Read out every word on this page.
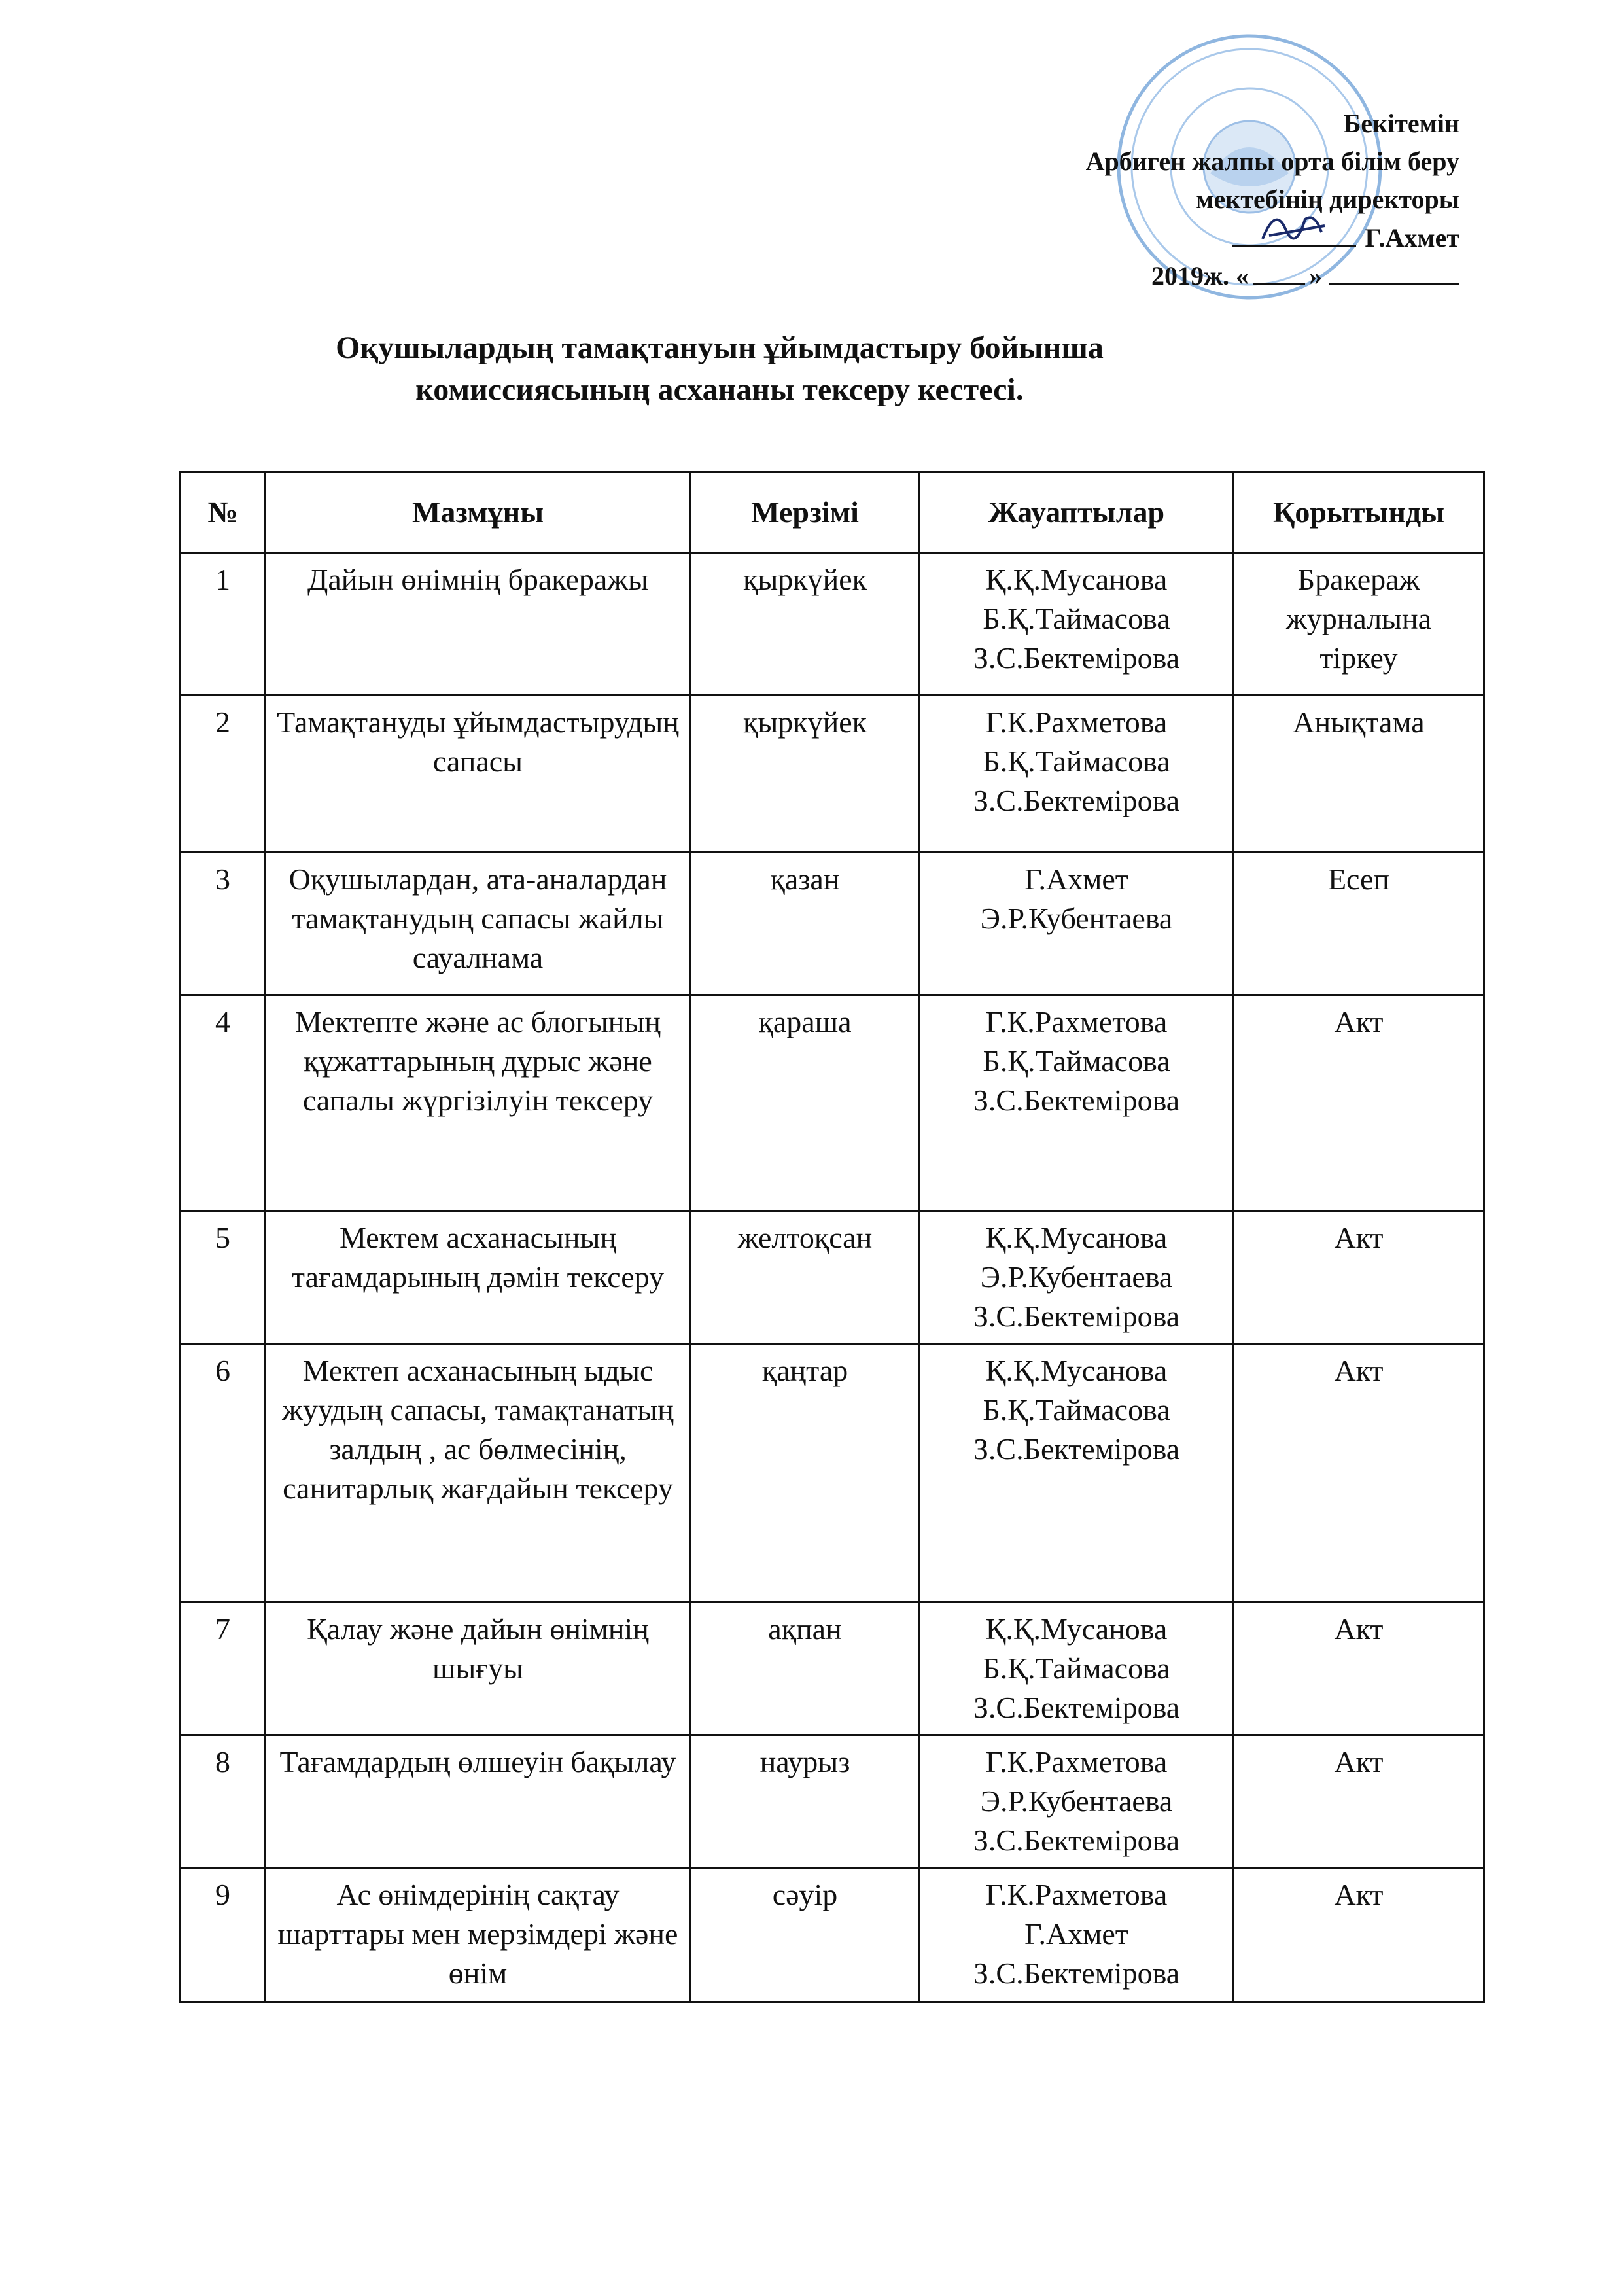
Бекітемін
Арбиген жалпы орта білім беру
мектебінің директоры
Г.Ахмет
2019ж. « »
Оқушылардың тамақтануын ұйымдастыру бойынша
комиссиясының асхананы тексеру кестесі.
№	Мазмұны	Мерзімі	Жауаптылар	Қорытынды
1	Дайын өнімнің бракеражы	қыркүйек	Қ.Қ.Мусанова
Б.Қ.Таймасова
З.С.Бектемірова	Бракераж журналына тіркеу
2	Тамақтануды ұйымдастырудың сапасы	қыркүйек	Г.К.Рахметова
Б.Қ.Таймасова
З.С.Бектемірова	Анықтама
3	Оқушылардан, ата-аналардан тамақтанудың сапасы жайлы сауалнама	қазан	Г.Ахмет
Э.Р.Кубентаева	Есеп
4	Мектепте және ас блогының құжаттарының дұрыс және сапалы жүргізілуін тексеру	қараша	Г.К.Рахметова
Б.Қ.Таймасова
З.С.Бектемірова	Акт
5	Мектем асханасының тағамдарының дәмін тексеру	желтоқсан	Қ.Қ.Мусанова
Э.Р.Кубентаева
З.С.Бектемірова	Акт
6	Мектеп асханасының ыдыс жуудың сапасы, тамақтанатың залдың , ас бөлмесінің, санитарлық жағдайын тексеру	қаңтар	Қ.Қ.Мусанова
Б.Қ.Таймасова
З.С.Бектемірова	Акт
7	Қалау және дайын өнімнің шығуы	ақпан	Қ.Қ.Мусанова
Б.Қ.Таймасова
З.С.Бектемірова	Акт
8	Тағамдардың өлшеуін бақылау	наурыз	Г.К.Рахметова
Э.Р.Кубентаева
З.С.Бектемірова	Акт
9	Ас өнімдерінің сақтау шарттары мен мерзімдері және өнім	сәуір	Г.К.Рахметова
Г.Ахмет
З.С.Бектемірова	Акт
